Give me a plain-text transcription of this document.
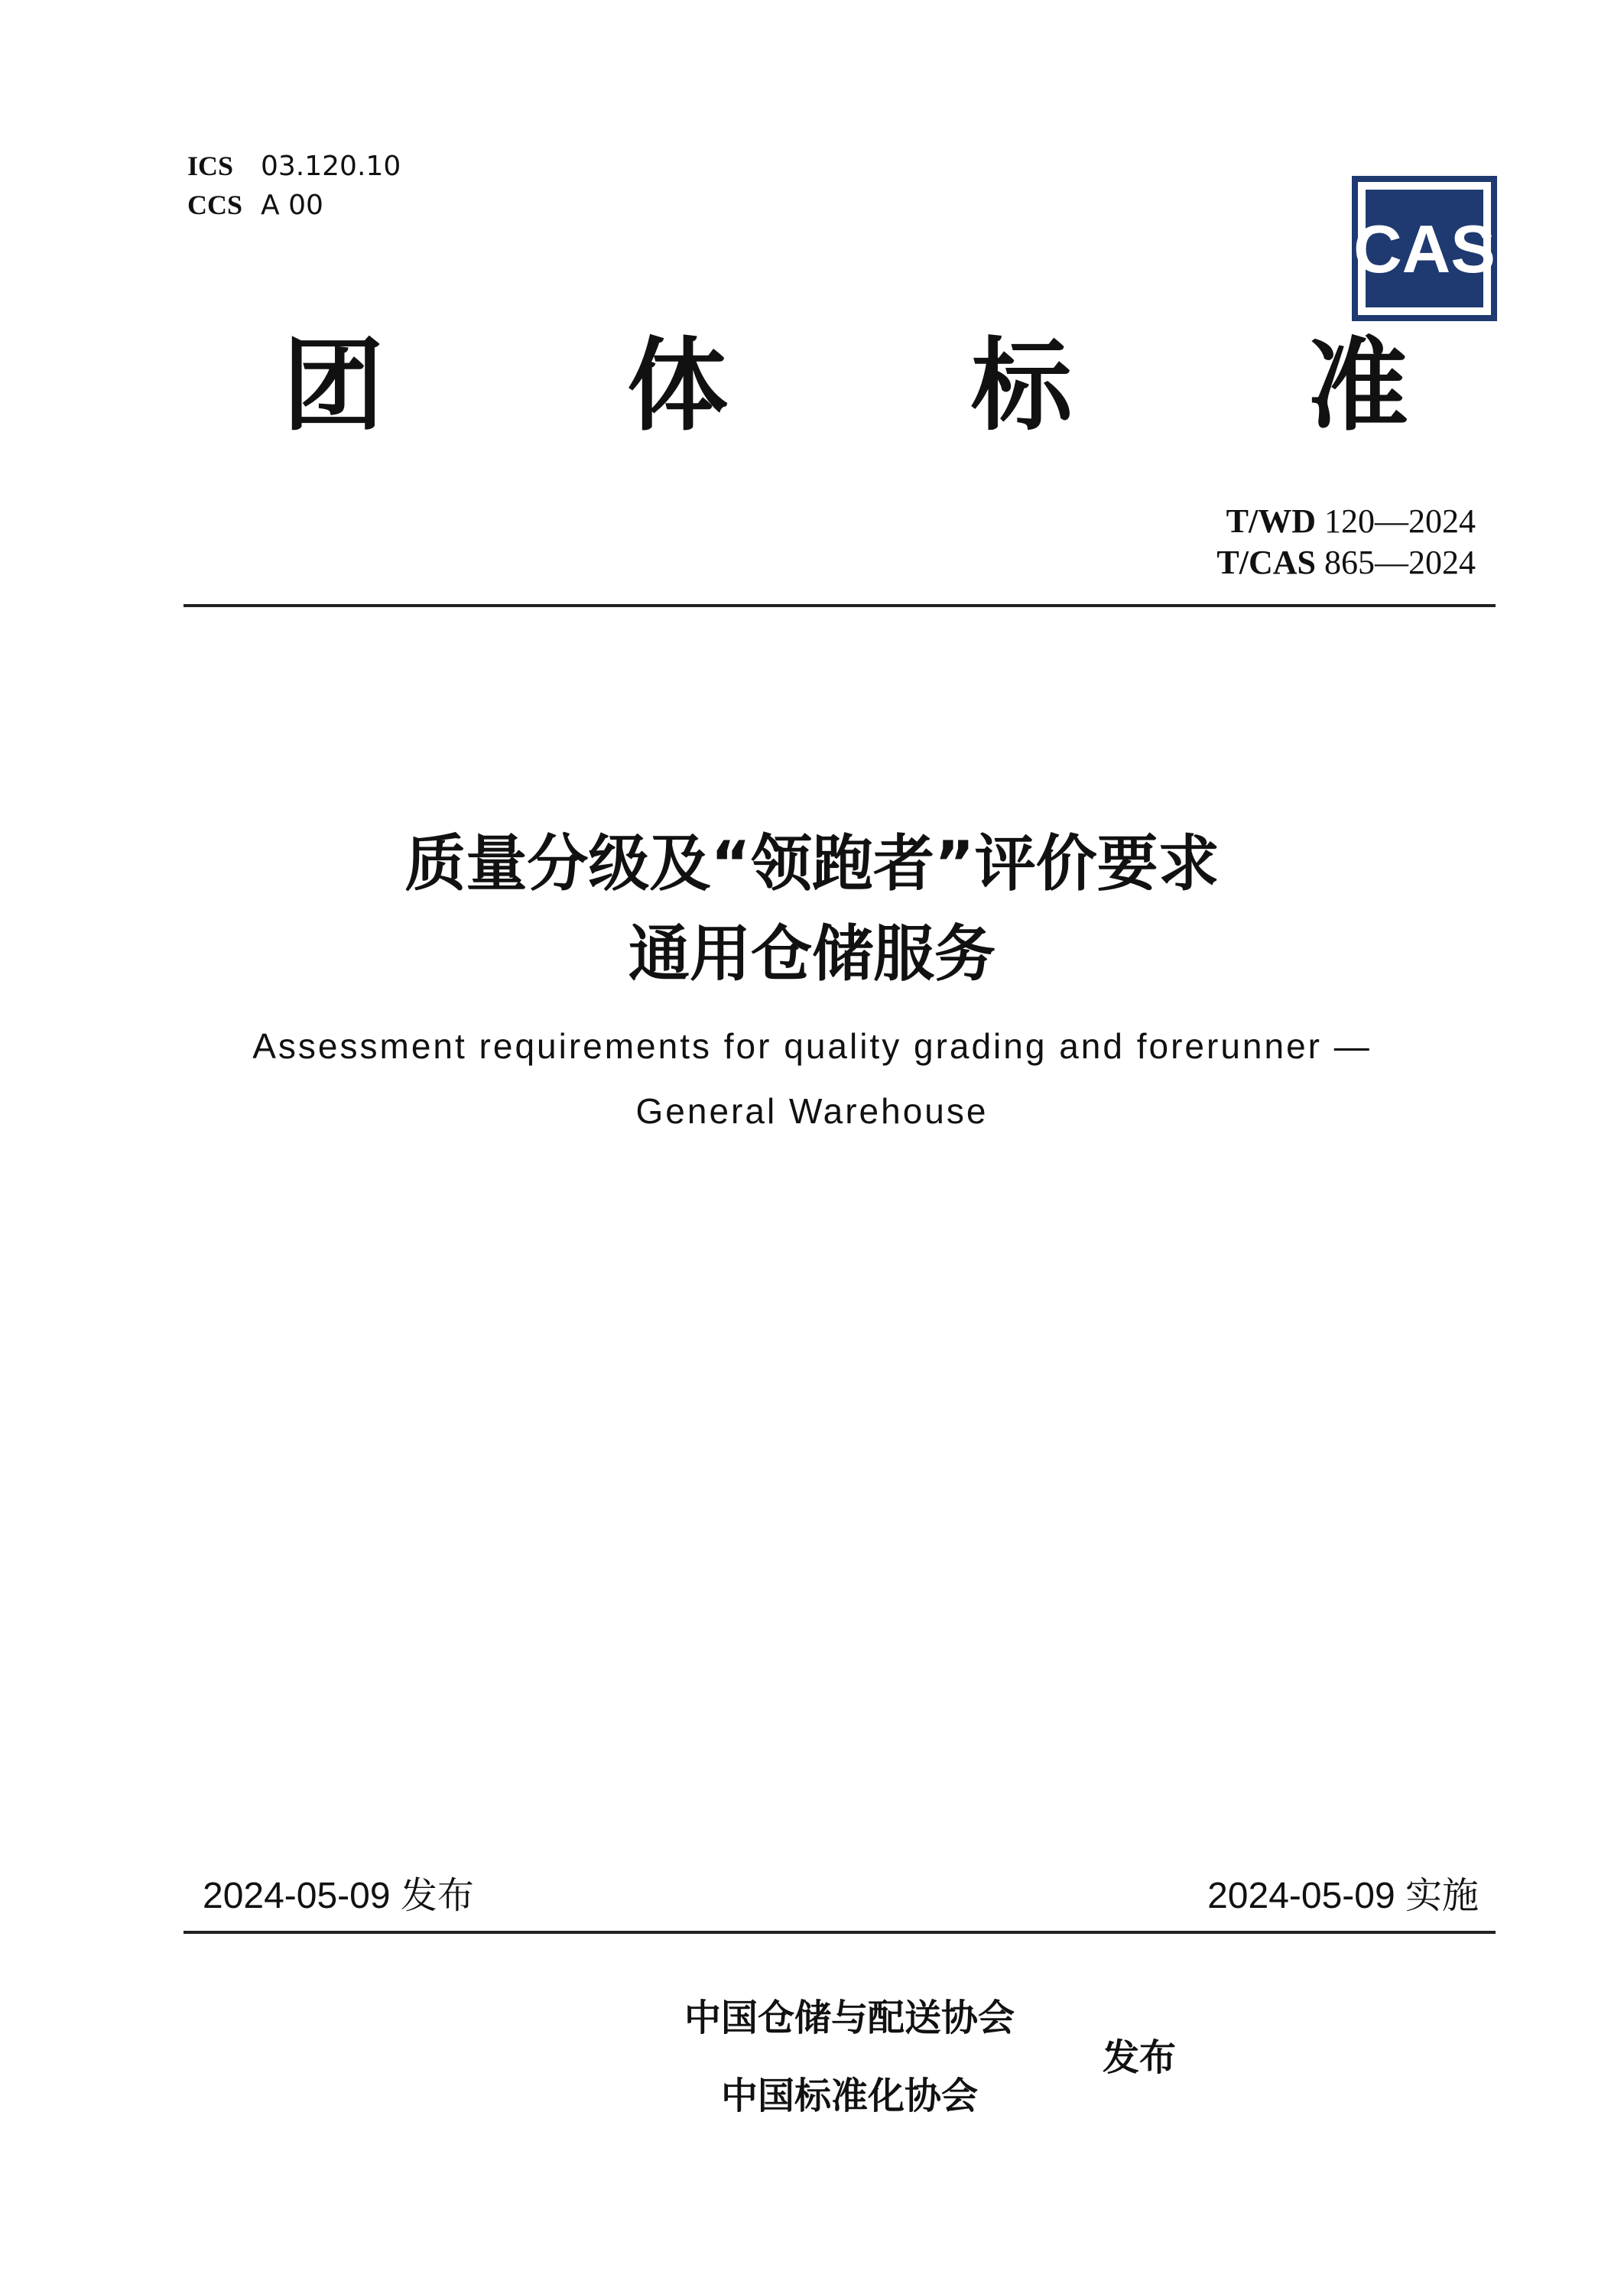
ICS 03.120.10
CCS A 00
CAS
团 体 标 准
T/WD 120—2024
T/CAS 865—2024
质量分级及“领跑者”评价要求
通用仓储服务
Assessment requirements for quality grading and forerunner —
General Warehouse
2024-05-09 发布	2024-05-09 实施
中国仓储与配送协会
中国标准化协会
发布
